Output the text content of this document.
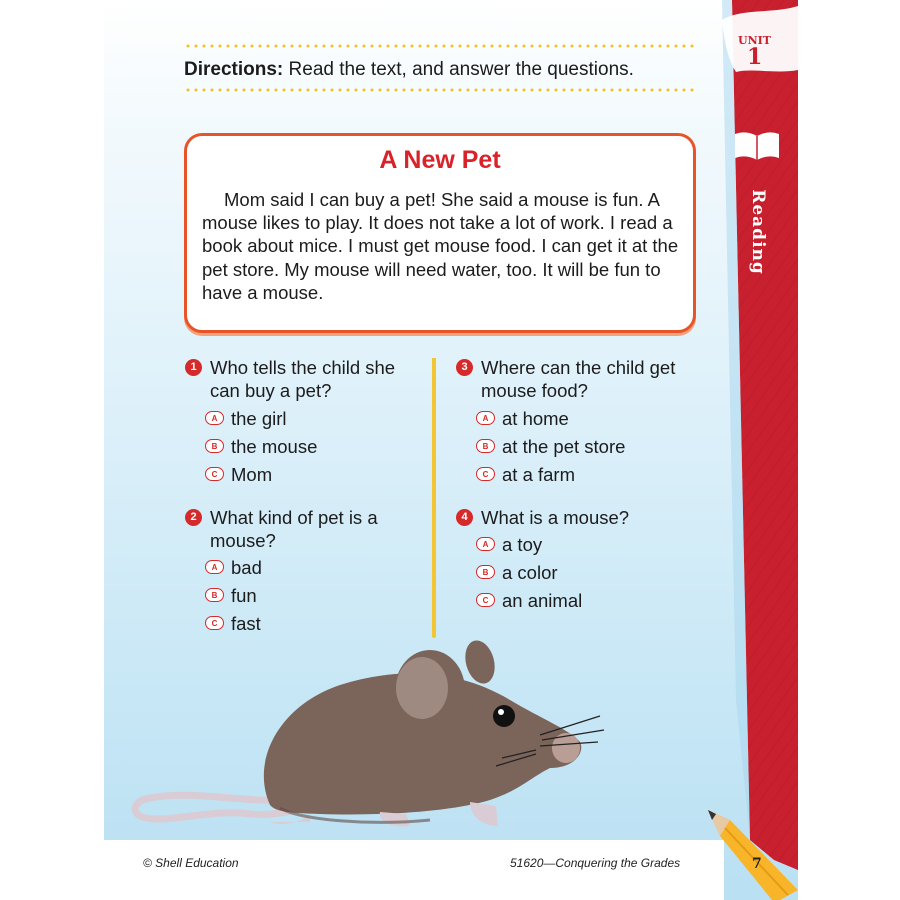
UNIT
1
Reading
Directions: Read the text, and answer the questions.
A New Pet
Mom said I can buy a pet! She said a mouse is fun. A mouse likes to play. It does not take a lot of work. I read a book about mice. I must get mouse food. I can get it at the pet store. My mouse will need water, too. It will be fun to have a mouse.
1 Who tells the child she can buy a pet?
A the girl
B the mouse
C Mom
2 What kind of pet is a mouse?
A bad
B fun
C fast
3 Where can the child get mouse food?
A at home
B at the pet store
C at a farm
4 What is a mouse?
A a toy
B a color
C an animal
7
© Shell Education	51620—Conquering the Grades
